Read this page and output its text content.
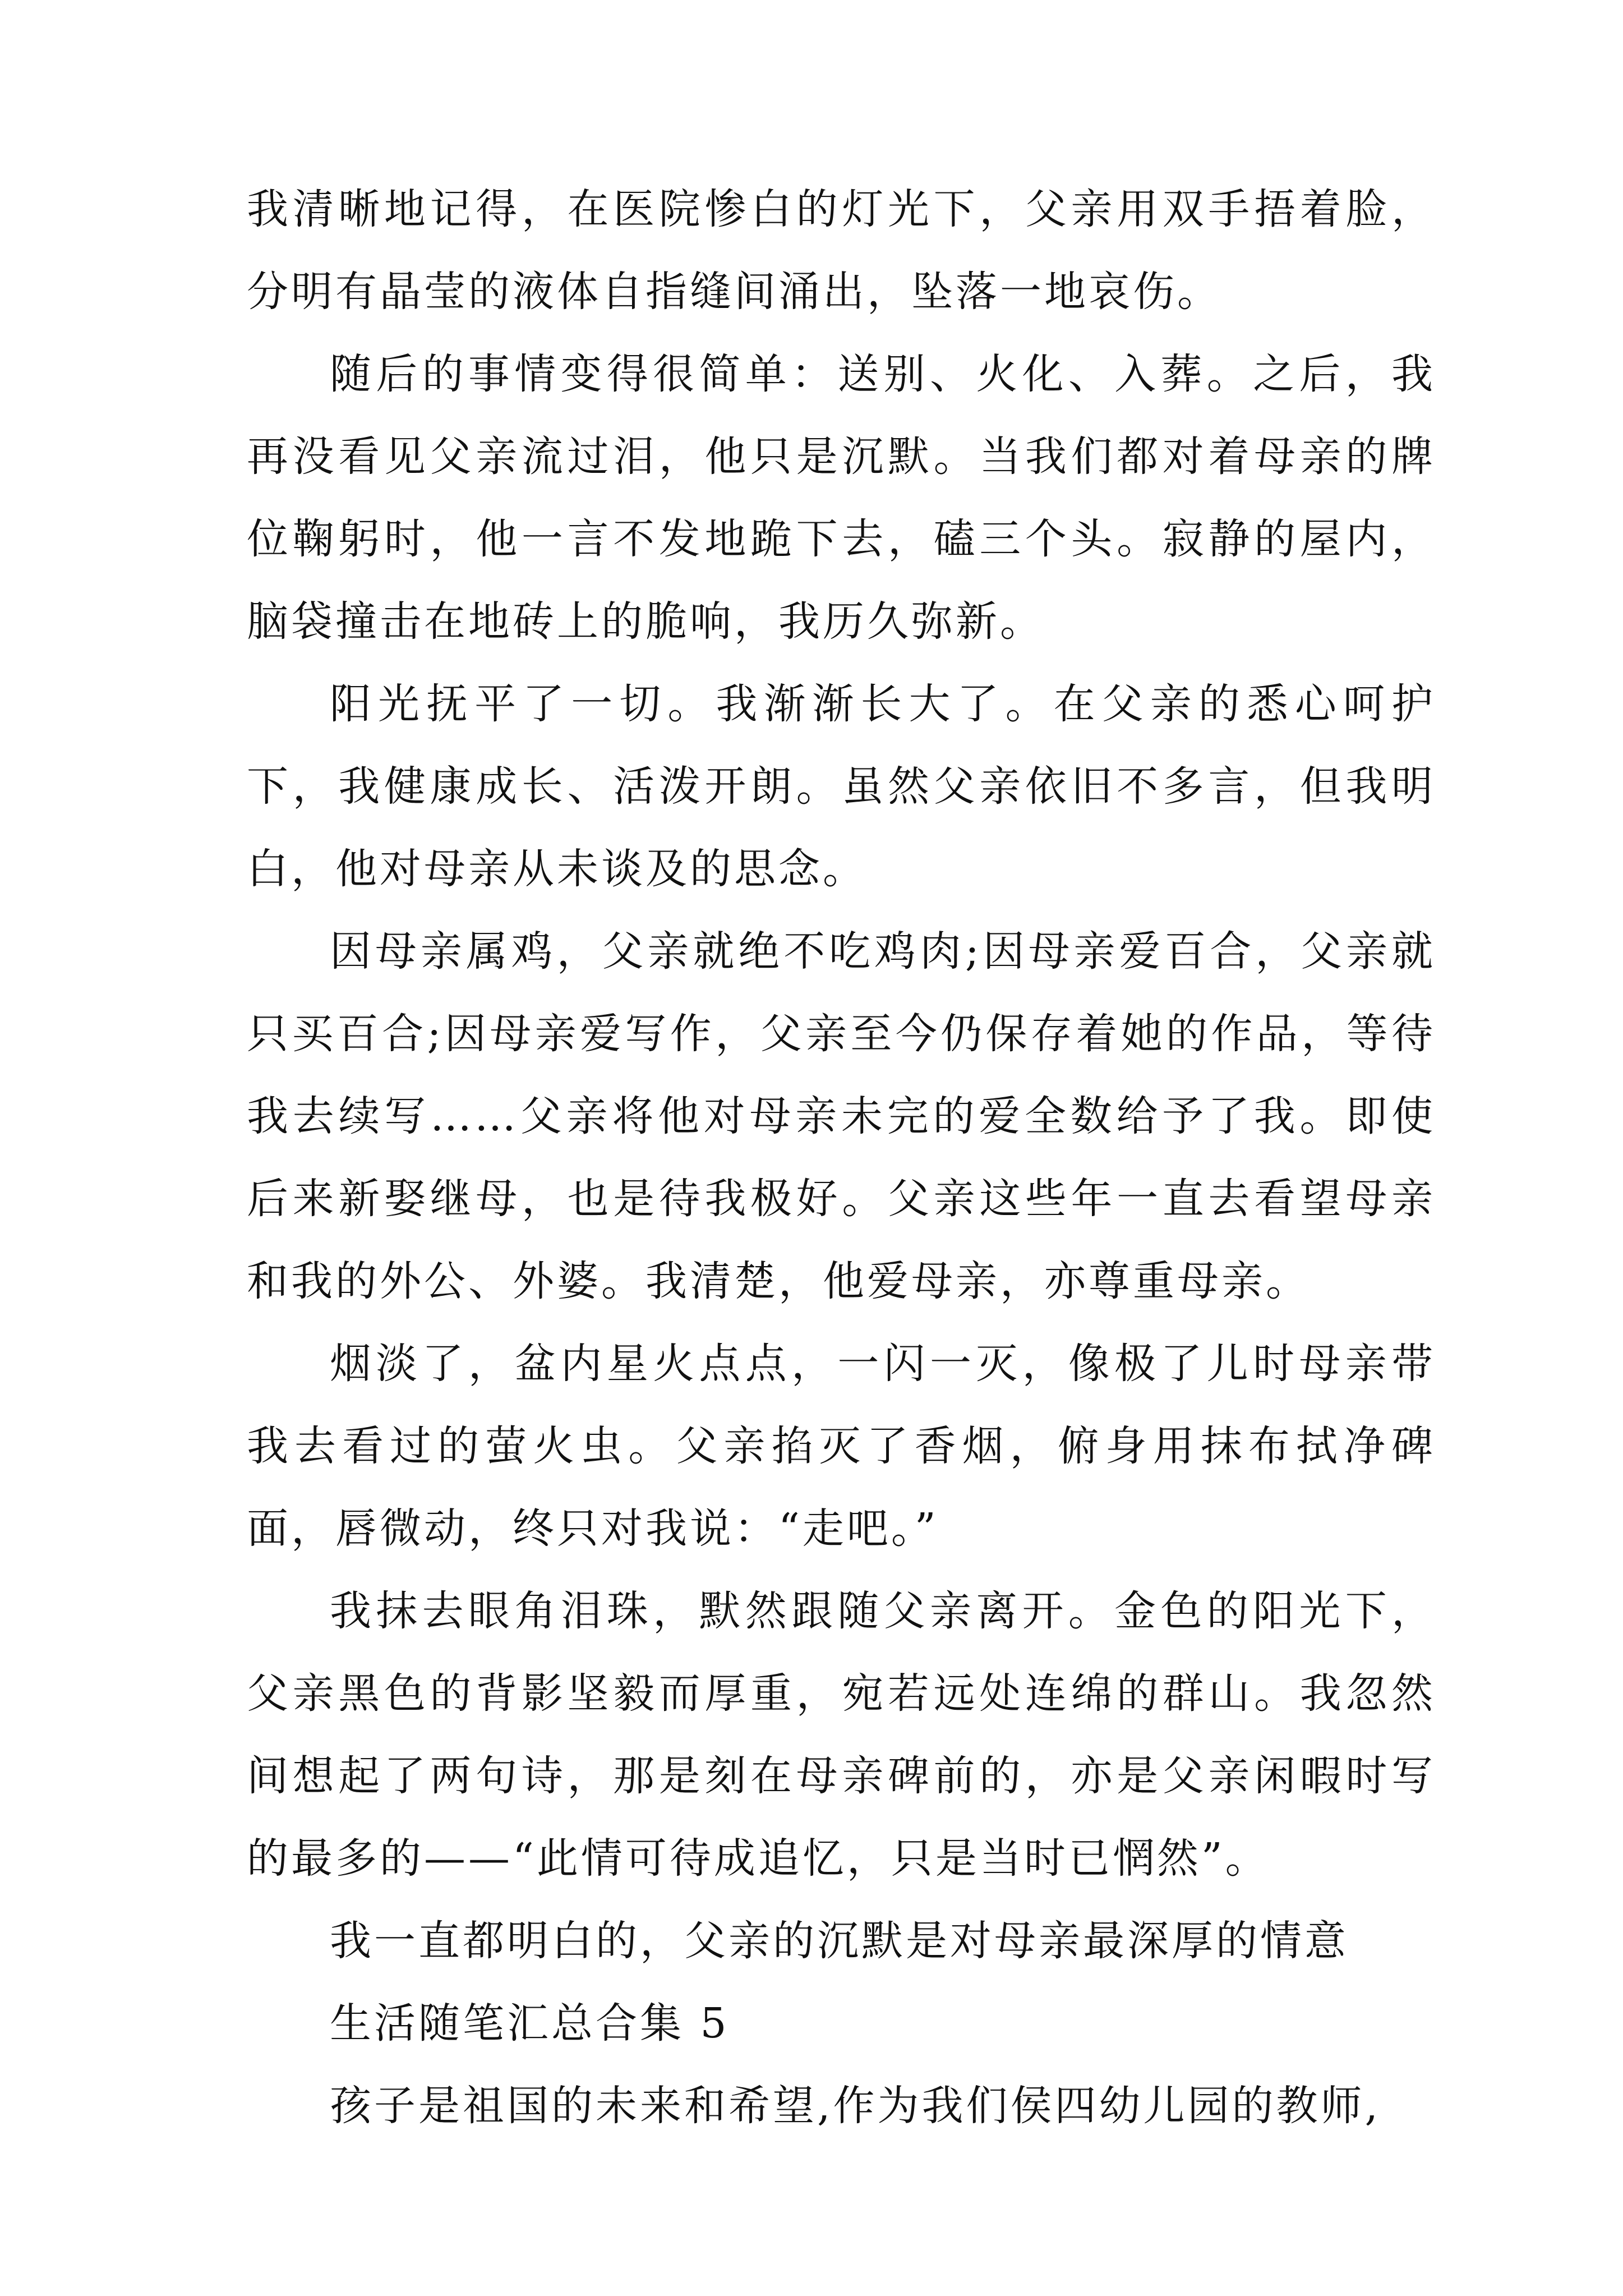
我清晰地记得，在医院惨白的灯光下，父亲用双手捂着脸，分明有晶莹的液体自指缝间涌出，坠落一地哀伤。

随后的事情变得很简单：送别、火化、入葬。之后，我再没看见父亲流过泪，他只是沉默。当我们都对着母亲的牌位鞠躬时，他一言不发地跪下去，磕三个头。寂静的屋内，脑袋撞击在地砖上的脆响，我历久弥新。

阳光抚平了一切。我渐渐长大了。在父亲的悉心呵护下，我健康成长、活泼开朗。虽然父亲依旧不多言，但我明白，他对母亲从未谈及的思念。

因母亲属鸡，父亲就绝不吃鸡肉;因母亲爱百合，父亲就只买百合;因母亲爱写作，父亲至今仍保存着她的作品，等待我去续写……父亲将他对母亲未完的爱全数给予了我。即使后来新娶继母，也是待我极好。父亲这些年一直去看望母亲和我的外公、外婆。我清楚，他爱母亲，亦尊重母亲。

烟淡了，盆内星火点点，一闪一灭，像极了儿时母亲带我去看过的萤火虫。父亲掐灭了香烟，俯身用抹布拭净碑面，唇微动，终只对我说：“走吧。”

我抹去眼角泪珠，默然跟随父亲离开。金色的阳光下，父亲黑色的背影坚毅而厚重，宛若远处连绵的群山。我忽然间想起了两句诗，那是刻在母亲碑前的，亦是父亲闲暇时写的最多的——“此情可待成追忆，只是当时已惘然”。

我一直都明白的，父亲的沉默是对母亲最深厚的情意

生活随笔汇总合集 5

孩子是祖国的未来和希望,作为我们侯四幼儿园的教师,
